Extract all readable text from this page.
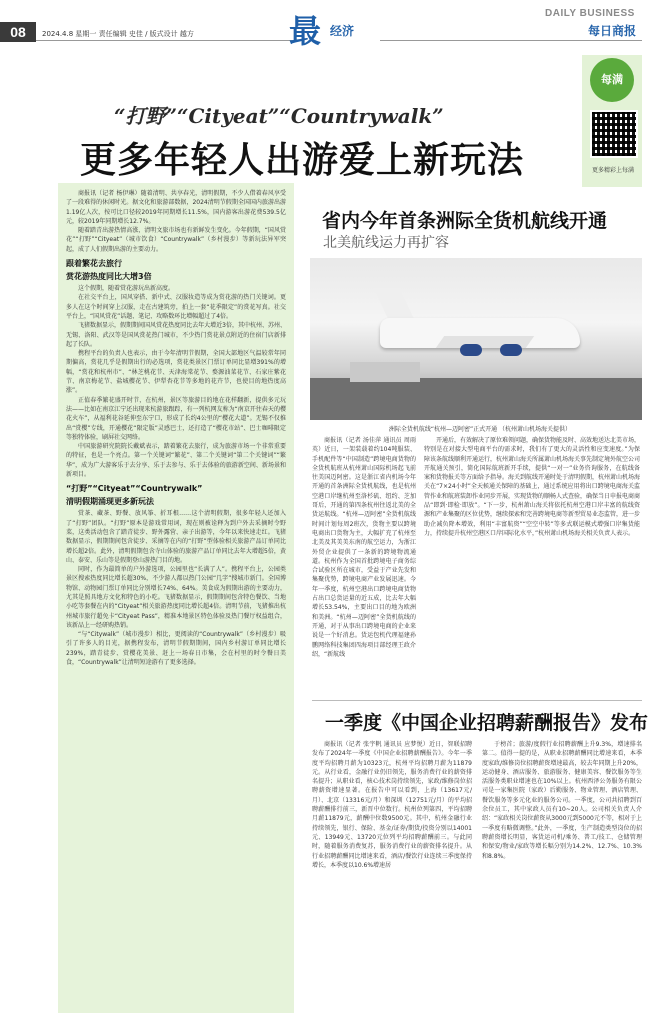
08	2024.4.8 星期一 责任编辑 史佳 / 版式设计 越方	最 经济
DAILY BUSINESS
每日商报
每满
更多精彩上每满
“打野”“Cityeat”“Countrywalk”
更多年轻人出游爱上新玩法

商报讯（记者 杨伊琳）随着清明、共享春光，清明假期，不少人借着春风享受了一段难得的休闲时光。据文化和旅游部数据，2024清明节假期全国国内旅游出游1.19亿人次，按可比口径较2019年同期增长11.5%，国内游客出游花费539.5亿元，较2019年同期增长12.7%。

随着踏青出游热情高涨，清明文旅市场也有新鲜发生变化。今年假期，“国风赏花”“打野”“Cityeat”（城市饮食）“Countrywalk”（乡村漫步）等新玩法异军突起，成了人们假期出游的主要动力。

跟着繁花去旅行
赏花游热度同比大增3倍

这个假期，随着赏花游玩出新高度。

在社交平台上，国风穿搭、新中式、汉服妆造等成为赏花游的热门关键词。更多人在这个时间穿上汉服，走在古建筑旁，拍上一套“花季限定”的赏花写真。社交平台上，“国风赏花”话题、笔记、攻略数环比增幅超过了4倍。

飞猪数据显示，假期期间国风赏花热度同比去年大增近3倍，其中杭州、苏州、无锡、洛阳、武汉等是国风赏花热门城市，不少热门赏花景点附近的住宿门店新排起了长队。

携程平台的负责人也表示，由于今年清明节假期，全国大部地区气温较常年同期偏高，赏花几乎是假期出行的必选项，赏花类景区门票订单同比显增391%的增幅，“赏花和杭州市”、“林芝桃花节、天津海棠花节、婺源油菜花节、石家庄紫花节、南京梅花节、盐城樱花节、伊犁杏花节等多地的花卉节，也使目的地热度高涨”。

正值春季繁花盛开时节，在杭州，景区等旅游目的地在花样翻新，提供多元玩法——比如在南京江宁还出现来杭游旅跟踪，有一列杭网友称为“南京开往春天的樱花火车”，从福利花谷延伸至东宁口，形成了长约4公里的“樱花大道”。无锡不仅推出“赏樱”专线，开通樱花“限定版”灵感巴士，还打造了“樱花市站”、巴士咖啡限定等独特体验，刷屏社交网络。

中国旅游研究院院长戴斌表示，踏着繁花去旅行，成为旅游市场一个非常重要的特征，也是一个亮点。第一个关键词“繁花”、第二个关键词“第二个关键词”“繁华”，成为广大游客乐于去分享、乐于去参与、乐于去体验的旅游新空间、新场景和新项目。

“打野”“Cityeat”“Countrywalk”
清明假期涌现更多新玩法

赏茶、藏茶、野餐、放风筝、折耳根……这个清明假期，很多年轻人还加入了“打野”团队。“打野”原本是游戏常用词，现在则被诠释为到户外去采摘时令野菜，这类活动包含了踏青徒步、野外露营、亲子出游等，今年以来快速走红。飞猪数据显示，假期期间包含徒步、采摘等在内的“打野”型体验相关旅游产品订单同比增长超2倍。此外，清明假期包含寺山体验的旅游产品订单同比去年大增超5倍，黄山、泰安、乐山等是假期登山游热门目的地。

同时，作为最简单的户外游选项，公园里也“长满了人”。携程平台上，公园类景区搜索热度同比增长超30%，不少游人都以热门公园“几字”搜城市新门。全国博物馆、动物园门票订单同比分别增长74%、64%。美食成为假期出游的主要动力，尤其是照具地方文化和特色的小吃。飞猪数据显示，假期期间包含特色餐饮、当地小吃等套餐在内的“Cityeat”相关旅游热度同比增长超4倍。清明节前，飞猪推出杭州城市旅行超免卡“Cityeat Pass”，精准本地景区特色体验及热门餐厅权益组合，该新品上一经研购热销。

“与“Citywalk”（城市漫步）相比，更阅读的“Countrywalk”（乡村漫步）吸引了许多人的目光，据携程发布，清明节假期期间，国内乡村游订单同比增长239%，踏青徒步、赏樱花美景、赶上一场春日市集，会在村里的时令餐日美食，“Countrywalk”让清明短途游有了更多选择。

省内今年首条洲际全货机航线开通
北美航线运力再扩容
洲际全货机航线“杭州—迈阿密”正式开通 （杭州萧山机场海关提供）

商报讯（记者 汤佳萍 通讯员 周雨英）近日，一架装载着约104吨服装、手机配件等“中国制造”跨境电商货物的全货机航班从杭州萧山国际机场起飞前往美国迈阿密。这是浙江省内机场今年开通的首条洲际全货机航线，也是杭州空港口岸继杭州至洛杉矶、纽约、芝加哥后，开通的第四条杭州往返北美的全货运航线。“杭州—迈阿密”全货机航线时间计划每周2班次，货物主要以跨境电商出口货物为主，大幅扩充了杭州至北美及其美美东南的航空运力，为浙江外贸企业提供了一条新的跨境物流通道。杭州作为全国首批跨境电子商务综合试验区所在城市，受益于产业先发和集聚优势，跨境电商产业发展迅速。今年一季度，杭州空港出口跨境电商货物占出口总货运量的近五成，比去年大幅增长53.54%，主要出口目的地为欧洲和美洲。“杭州—迈阿密”全货机航线的开通，对于从事出口跨境电商的企业来说是一个好消息。货运包机代理福建孙鹏网络科技集团四海项目部经理王政介绍，“新航线

开通后，有效解决了原位难领问题，确保货物能及时、高效地送达北美市场，特别是在对接大型电商平台的需求时，我们有了更大的灵活性和应变速度。”为保障该条航线顺利开通运行，杭州萧山海关所属萧山机场海关事先制定境外航空公司开航通关预引，简化国际航班新开手续，提供“一对一”业务咨询服务，在航线备案和货物报关等方面给予指导。海关到航线开通时处于清明假期，杭州萧山机场海关在“7×24小时”全天候通关保障的基础上，通过系统应用将出口跨境电商海关监管作业和航班装卸作业同步开展，实现货物的顺畅人式查验，确保当日申报电商商品“即到·即检·即放”。“下一步，杭州萧山海关将依托杭州空港口岸丰富的航线资源和产业集聚的区位优势，继续探索和完善跨境电商等新型贸易业态监管，进一步助企减负降本增效，利用“丰富航资”“空空中转”等多式联运模式增强口岸集货能力，持续提升杭州空港区口岸国际化水平，”杭州萧山机场海关相关负责人表示。

一季度《中国企业招聘薪酬报告》发布

商报讯（记者 张宇帆 通讯员 应梦悦）近日，智联招聘发布了2024年一季度《中国企业招聘薪酬报告》。今年一季度平均招聘月薪为10323元，杭州平均招聘月薪为11879元。从行业看，金融行业仍旧领先，服务消费行业的薪资排名提升；从职业看，核心技术岗持续领先，家政/维修岗位招聘薪资增速显著。在报告中可以看到，上海（13617元/月）、北京（13316元/月）和深圳（12751元/月）的平均招聘薪酬排行前三，新晋中位数行。杭州位列第四，平均招聘月薪11879元，薪酬中位数9500元。其中，杭州金融行业持续领先，银行、保险、基金/证券/期货/投资分别以14001元、13949元、13720元位列平均招聘薪酬前三。与此同时，随着服务消费复苏，服务消费行业的薪资排名提升。从行业招聘薪酬同比增速来看，酒店/餐饮行业连续三季度保持增长，本季度以10.6%增速居

于榜首；旅游/度假行业招聘薪酬上升9.3%，增速排名第二。值得一提的是，从职业招聘薪酬同比增速来看，本季度家政/维修岗位招聘薪资增速最高，较去年同期上升20%，运动健身、酒店服务、旅游服务、健康美容、餐饮服务等生活服务类职业增速也在10%以上。杭州西泽公务服务有限公司是一家集医院（家政）后勤服务、物业管理、酒店管理、餐饮服务等多元化业的服务公司。一季度，公司共招聘到百余位员工，其中家政人员有10~20人。公司相关负责人介绍：“家政相关岗位薪资从3000元到5000元不等，相对于上一季度有略微调整。”此外，一季度，生产制造类型岗位的招聘薪资增长明显，客货运司机/乘务、普工/技工、仓储管理和保安/物业/家政等增长幅分别为14.2%、12.7%、10.3%和8.8%。
